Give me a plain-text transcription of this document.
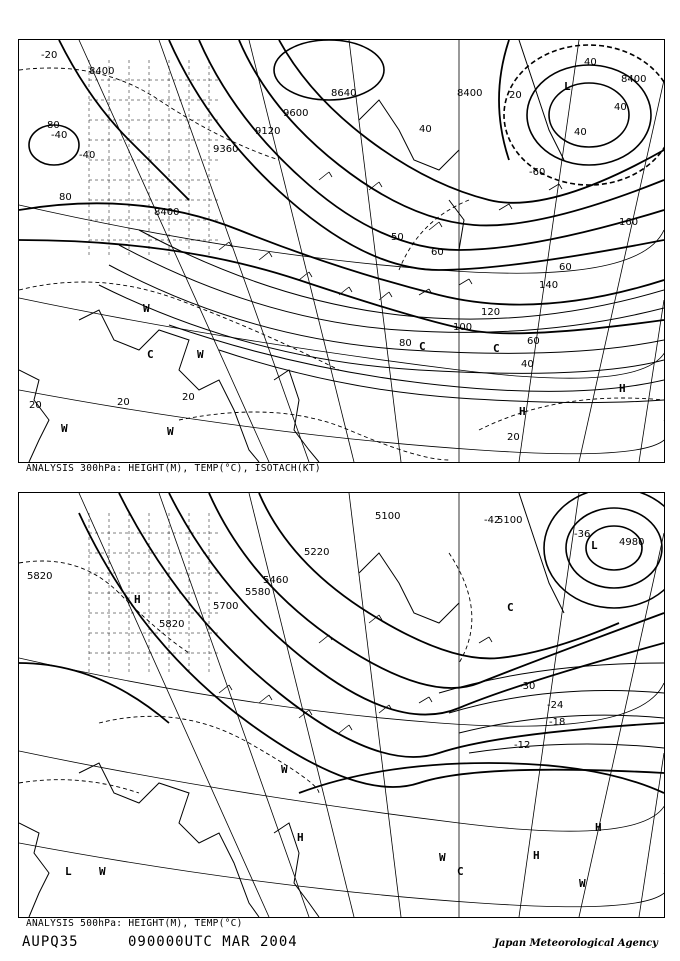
8400
8400
9120
9360
9600
8640	8400
8400
-20
-40
-40
-60
20
80	40
80
40
20
40
50
60
80
100
120
140
160
40
60
60
40
20
20
20
L
H
H
C	C
W
W
W
W
C
ANALYSIS 300hPa: HEIGHT(M), TEMP(°C), ISOTACH(KT)
5100
4980
5220
5460
5580
5700
5820
5820
5100
-30
-24
-18
-12
-36
-42
L
H
H
H
L W
W
W
W
C
C
H
ANALYSIS 500hPa: HEIGHT(M), TEMP(°C)
AUPQ35	090000UTC MAR 2004	Japan Meteorological Agency
